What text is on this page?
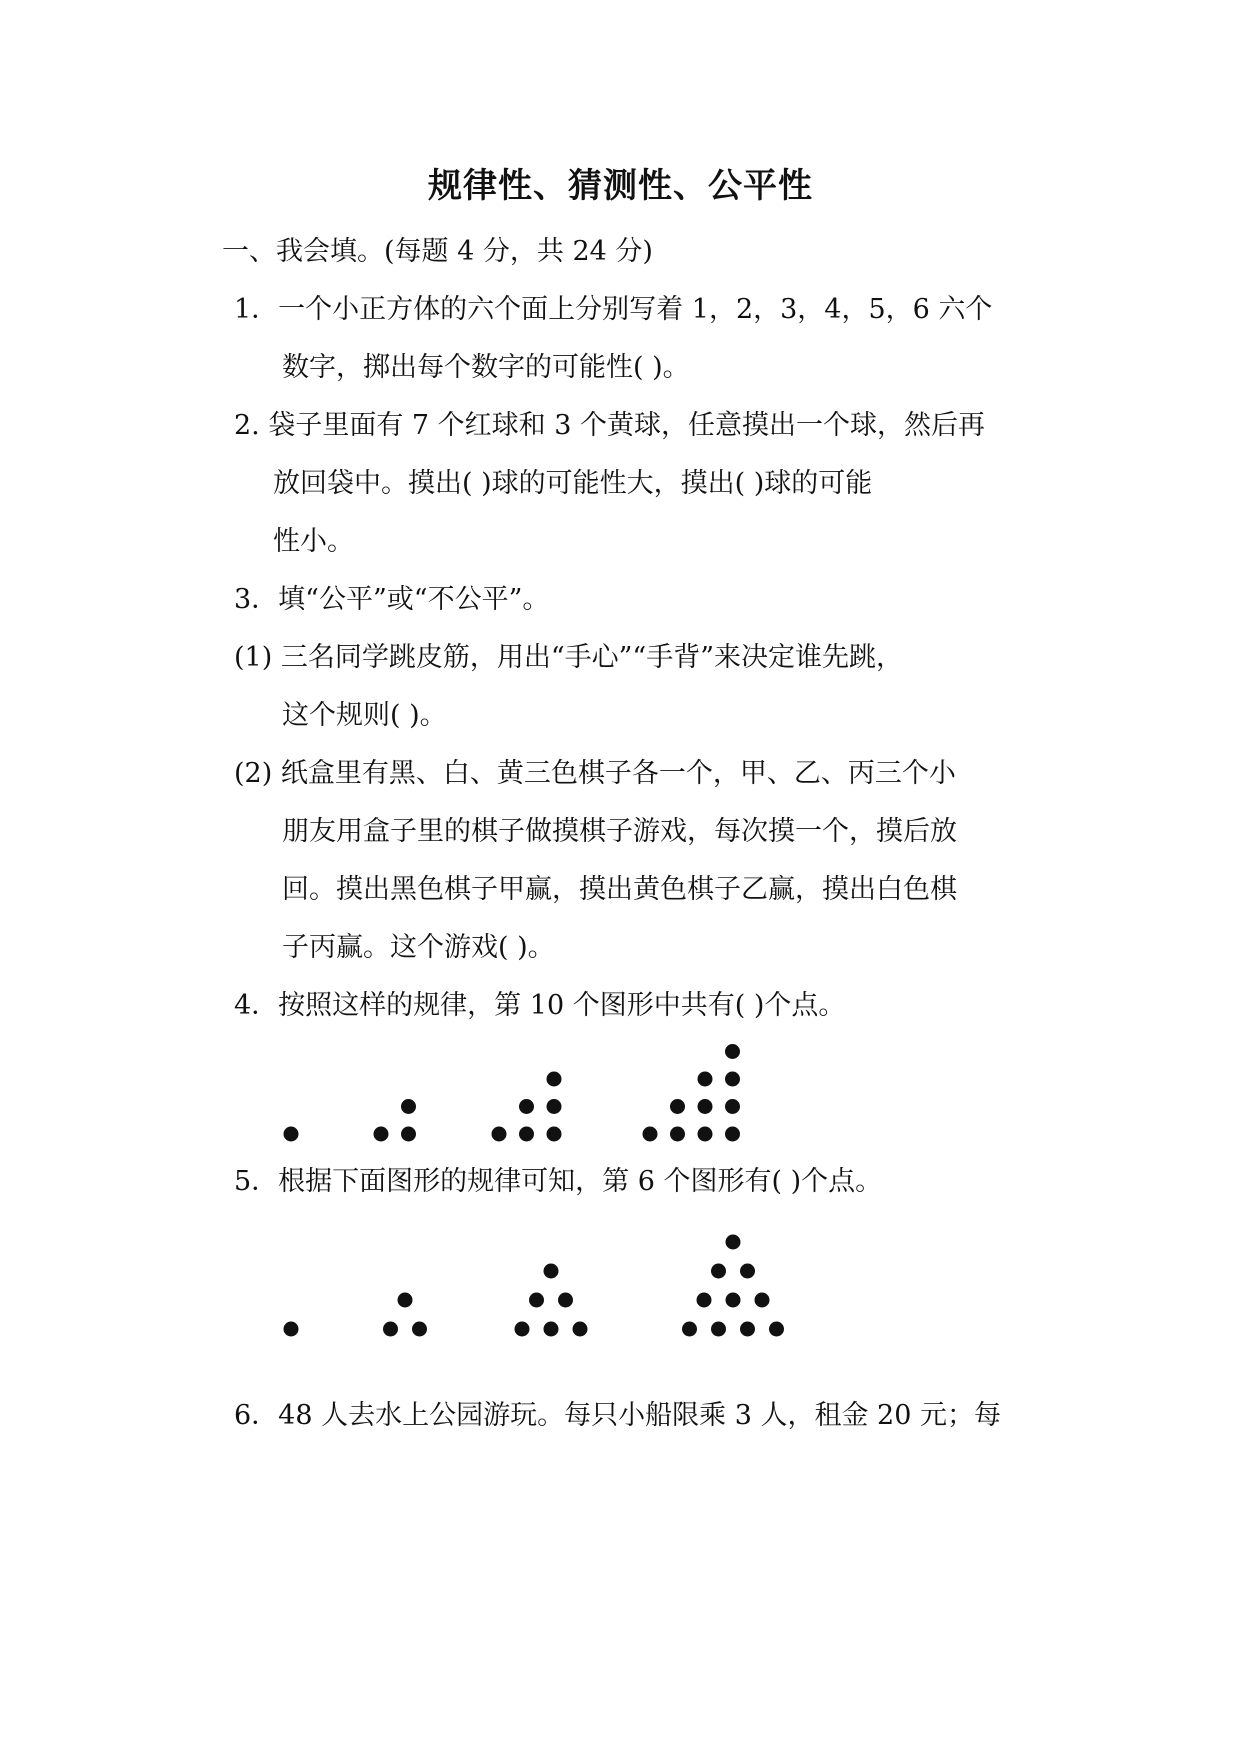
规律性、猜测性、公平性
一、我会填。(每题 4 分，共 24 分)
1．一个小正方体的六个面上分别写着 1，2，3，4，5，6 六个
数字，掷出每个数字的可能性( )。
2. 袋子里面有 7 个红球和 3 个黄球，任意摸出一个球，然后再
放回袋中。摸出( )球的可能性大，摸出( )球的可能
性小。
3．填“公平”或“不公平”。
(1) 三名同学跳皮筋，用出“手心”“手背”来决定谁先跳，
这个规则( )。
(2) 纸盒里有黑、白、黄三色棋子各一个，甲、乙、丙三个小
朋友用盒子里的棋子做摸棋子游戏，每次摸一个，摸后放
回。摸出黑色棋子甲赢，摸出黄色棋子乙赢，摸出白色棋
子丙赢。这个游戏( )。
4．按照这样的规律，第 10 个图形中共有( )个点。
5．根据下面图形的规律可知，第 6 个图形有( )个点。
6．48 人去水上公园游玩。每只小船限乘 3 人，租金 20 元；每
